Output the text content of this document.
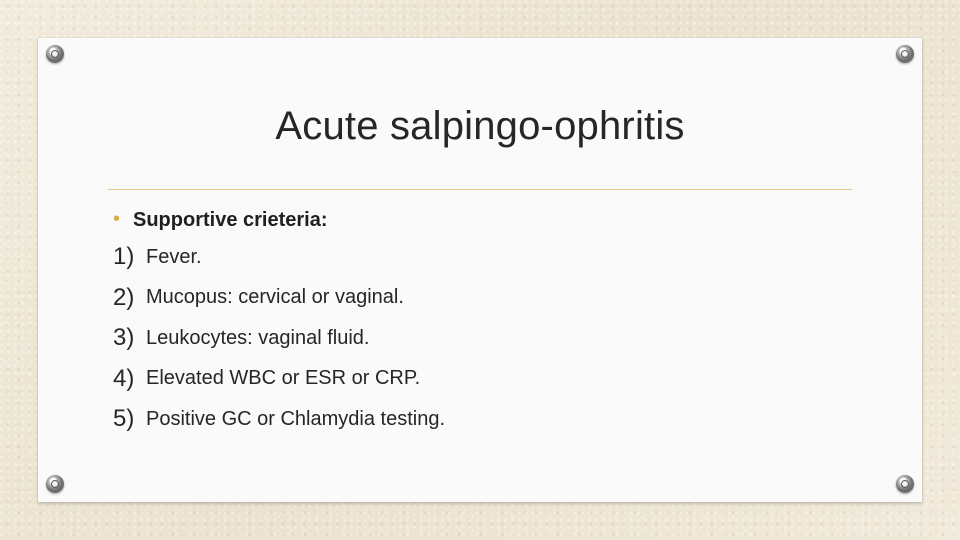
Acute salpingo-ophritis
• Supportive crieteria:
1) Fever.
2) Mucopus: cervical or vaginal.
3) Leukocytes: vaginal fluid.
4) Elevated WBC or ESR or CRP.
5) Positive GC or Chlamydia testing.
